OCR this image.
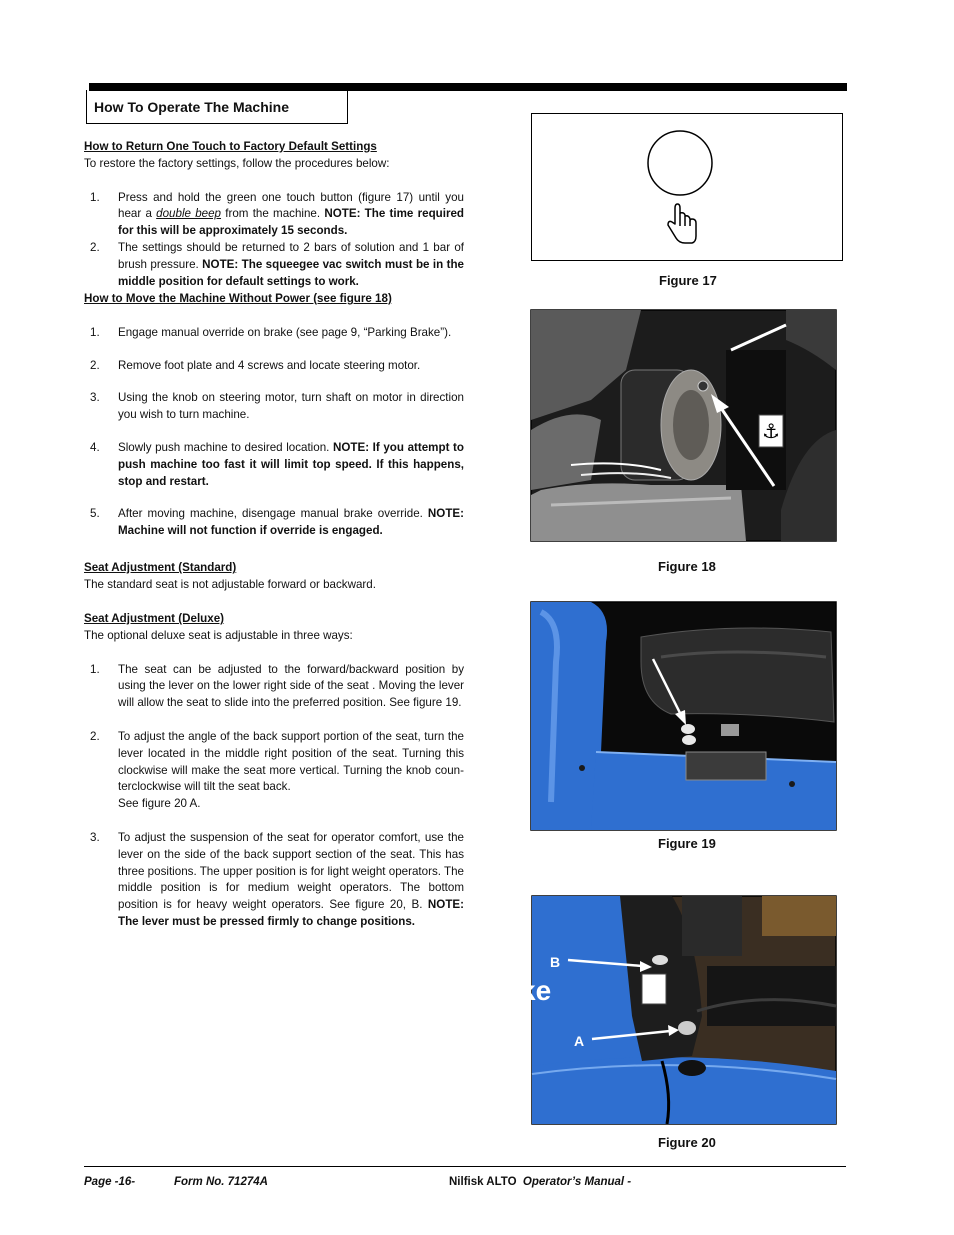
How To Operate The Machine
How to Return One Touch to Factory Default Settings
To restore the factory settings, follow the procedures below:
1. Press and hold the green one touch button (figure 17) until you hear a double beep from the machine. NOTE: The time required for this will be approximately 15 seconds.
2. The settings should be returned to 2 bars of solution and 1 bar of brush pressure. NOTE: The squeegee vac switch must be in the middle position for default settings to work.
How to Move the Machine Without Power (see figure 18)
1. Engage manual override on brake (see page 9, “Parking Brake”).
2. Remove foot plate and 4 screws and locate steering motor.
3. Using the knob on steering motor, turn shaft on motor in direction you wish to turn machine.
4. Slowly push machine to desired location. NOTE: If you attempt to push machine too fast it will limit top speed. If this happens, stop and restart.
5. After moving machine, disengage manual brake override. NOTE: Machine will not function if override is engaged.
Seat Adjustment (Standard)
The standard seat is not adjustable forward or backward.
Seat Adjustment (Deluxe)
The optional deluxe seat is adjustable in three ways:
1. The seat can be adjusted to the forward/backward position by using the lever on the lower right side of the seat . Moving the lever will allow the seat to slide into the preferred position. See figure 19.
2. To adjust the angle of the back support portion of the seat, turn the lever located in the middle right position of the seat. Turning this clockwise will make the seat more vertical. Turning the knob coun-terclockwise will tilt the seat back.
See figure 20 A.
3. To adjust the suspension of the seat for operator comfort, use the lever on the side of the back support section of the seat. This has three positions. The upper position is for light weight operators. The middle position is for medium weight operators. The bottom position is for heavy weight operators. See figure 20, B. NOTE: The lever must be pressed firmly to change positions.
Figure 17
⚓
Figure 18
Figure 19
ke
B
A
Figure 20
Page -16-	Form No. 71274A	Nilfisk ALTO Operator’s Manual -
